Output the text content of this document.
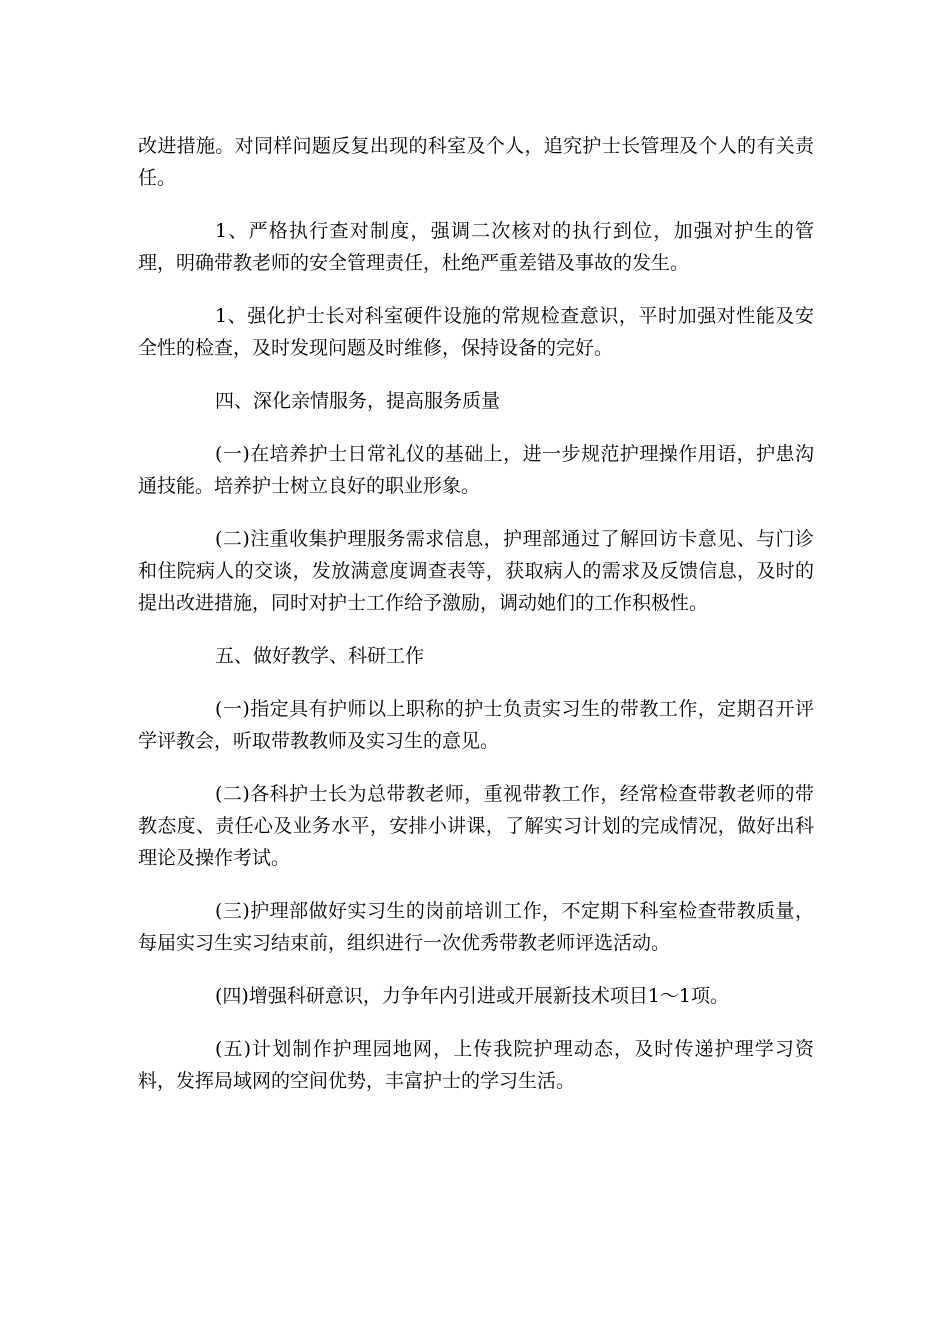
改进措施。对同样问题反复出现的科室及个人，追究护士长管理及个人的有关责任。

1、严格执行查对制度，强调二次核对的执行到位，加强对护生的管理，明确带教老师的安全管理责任，杜绝严重差错及事故的发生。

1、强化护士长对科室硬件设施的常规检查意识，平时加强对性能及安全性的检查，及时发现问题及时维修，保持设备的完好。

四、深化亲情服务，提高服务质量

(一)在培养护士日常礼仪的基础上，进一步规范护理操作用语，护患沟通技能。培养护士树立良好的职业形象。

(二)注重收集护理服务需求信息，护理部通过了解回访卡意见、与门诊和住院病人的交谈，发放满意度调查表等，获取病人的需求及反馈信息，及时的提出改进措施，同时对护士工作给予激励，调动她们的工作积极性。

五、做好教学、科研工作

(一)指定具有护师以上职称的护士负责实习生的带教工作，定期召开评学评教会，听取带教教师及实习生的意见。

(二)各科护士长为总带教老师，重视带教工作，经常检查带教老师的带教态度、责任心及业务水平，安排小讲课，了解实习计划的完成情况，做好出科理论及操作考试。

(三)护理部做好实习生的岗前培训工作，不定期下科室检查带教质量，每届实习生实习结束前，组织进行一次优秀带教老师评选活动。

(四)增强科研意识，力争年内引进或开展新技术项目1～1项。

(五)计划制作护理园地网，上传我院护理动态，及时传递护理学习资料，发挥局域网的空间优势，丰富护士的学习生活。
